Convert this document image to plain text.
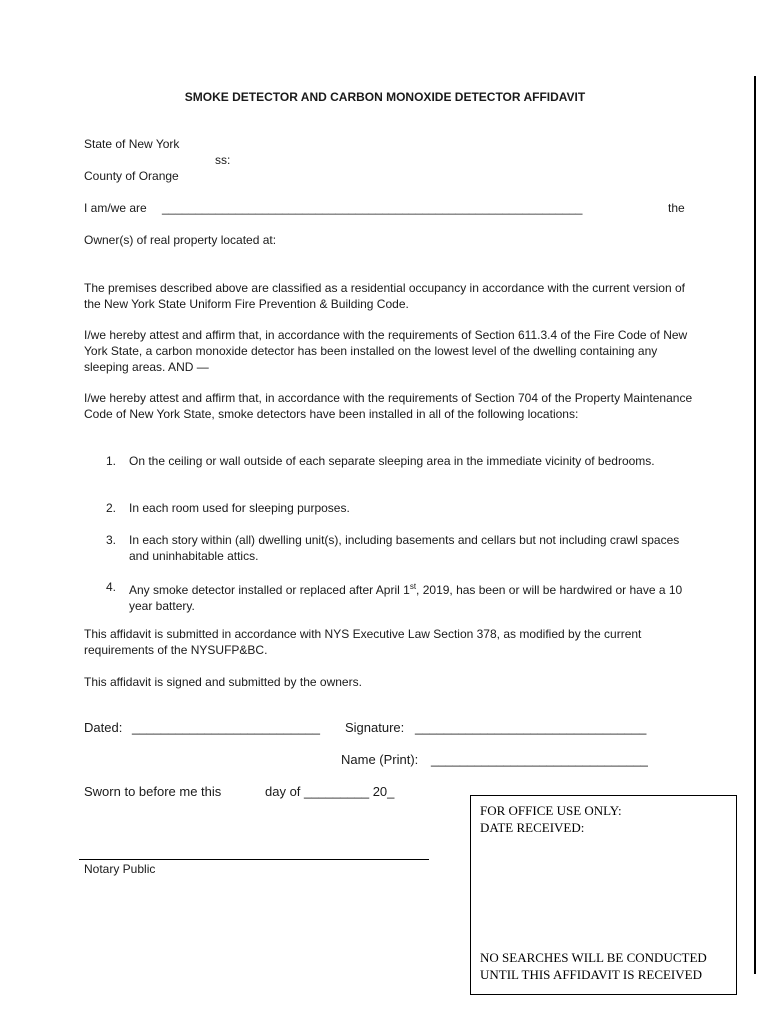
SMOKE DETECTOR AND CARBON MONOXIDE DETECTOR AFFIDAVIT
State of New York
ss:
County of Orange
I am/we are _______________________________________________________________	the
Owner(s) of real property located at:
The premises described above are classified as a residential occupancy in accordance with the current version of the New York State Uniform Fire Prevention & Building Code.
I/we hereby attest and affirm that, in accordance with the requirements of Section 611.3.4 of the Fire Code of New York State, a carbon monoxide detector has been installed on the lowest level of the dwelling containing any sleeping areas. AND —
I/we hereby attest and affirm that, in accordance with the requirements of Section 704 of the Property Maintenance Code of New York State, smoke detectors have been installed in all of the following locations:
1. On the ceiling or wall outside of each separate sleeping area in the immediate vicinity of bedrooms.
2. In each room used for sleeping purposes.
3. In each story within (all) dwelling unit(s), including basements and cellars but not including crawl spaces and uninhabitable attics.
4. Any smoke detector installed or replaced after April 1st, 2019, has been or will be hardwired or have a 10 year battery.
This affidavit is submitted in accordance with NYS Executive Law Section 378, as modified by the current requirements of the NYSUFP&BC.
This affidavit is signed and submitted by the owners.
Dated: __________________________ Signature: ________________________________
Name (Print): ______________________________
Sworn to before me this	day of _________ 20_
Notary Public
FOR OFFICE USE ONLY:
DATE RECEIVED:
NO SEARCHES WILL BE CONDUCTED
UNTIL THIS AFFIDAVIT IS RECEIVED
